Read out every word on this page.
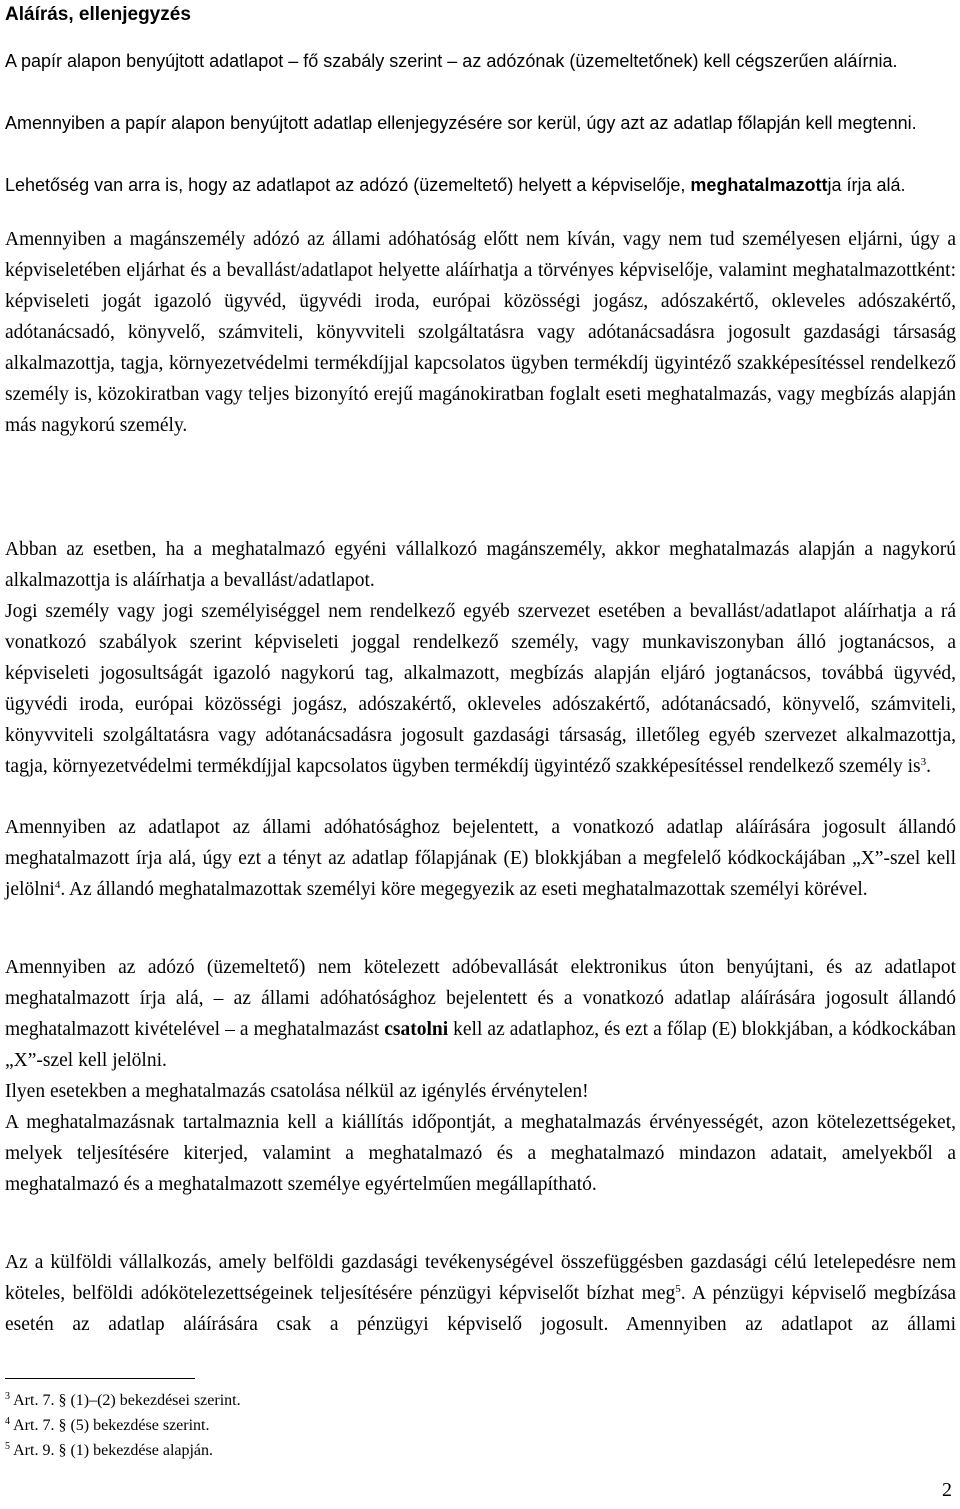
Aláírás, ellenjegyzés

A papír alapon benyújtott adatlapot – fő szabály szerint – az adózónak (üzemeltetőnek) kell cégszerűen aláírnia.

Amennyiben a papír alapon benyújtott adatlap ellenjegyzésére sor kerül, úgy azt az adatlap főlapján kell megtenni.

Lehetőség van arra is, hogy az adatlapot az adózó (üzemeltető) helyett a képviselője, meghatalmazottja írja alá.

Amennyiben a magánszemély adózó az állami adóhatóság előtt nem kíván, vagy nem tud személyesen eljárni, úgy a képviseletében eljárhat és a bevallást/adatlapot helyette aláírhatja a törvényes képviselője, valamint meghatalmazottként: képviseleti jogát igazoló ügyvéd, ügyvédi iroda, európai közösségi jogász, adószakértő, okleveles adószakértő, adótanácsadó, könyvelő, számviteli, könyvviteli szolgáltatásra vagy adótanácsadásra jogosult gazdasági társaság alkalmazottja, tagja, környezetvédelmi termékdíjjal kapcsolatos ügyben termékdíj ügyintéző szakképesítéssel rendelkező személy is, közokiratban vagy teljes bizonyító erejű magánokiratban foglalt eseti meghatalmazás, vagy megbízás alapján más nagykorú személy.

Abban az esetben, ha a meghatalmazó egyéni vállalkozó magánszemély, akkor meghatalmazás alapján a nagykorú alkalmazottja is aláírhatja a bevallást/adatlapot.

Jogi személy vagy jogi személyiséggel nem rendelkező egyéb szervezet esetében a bevallást/adatlapot aláírhatja a rá vonatkozó szabályok szerint képviseleti joggal rendelkező személy, vagy munkaviszonyban álló jogtanácsos, a képviseleti jogosultságát igazoló nagykorú tag, alkalmazott, megbízás alapján eljáró jogtanácsos, továbbá ügyvéd, ügyvédi iroda, európai közösségi jogász, adószakértő, okleveles adószakértő, adótanácsadó, könyvelő, számviteli, könyvviteli szolgáltatásra vagy adótanácsadásra jogosult gazdasági társaság, illetőleg egyéb szervezet alkalmazottja, tagja, környezetvédelmi termékdíjjal kapcsolatos ügyben termékdíj ügyintéző szakképesítéssel rendelkező személy $is^3$.

Amennyiben az adatlapot az állami adóhatósághoz bejelentett, a vonatkozó adatlap aláírására jogosult állandó meghatalmazott írja alá, úgy ezt a tényt az adatlap főlapjának (E) blokkjában a megfelelő kódkockájában „X”-szel kell jelölni$^4$. Az állandó meghatalmazottak személyi köre megegyezik az eseti meghatalmazottak személyi körével.

Amennyiben az adózó (üzemeltető) nem kötelezett adóbevallását elektronikus úton benyújtani, és az adatlapot meghatalmazott írja alá, – az állami adóhatósághoz bejelentett és a vonatkozó adatlap aláírására jogosult állandó meghatalmazott kivételével – a meghatalmazást csatolni kell az adatlaphoz, és ezt a főlap (E) blokkjában, a kódkockában „X”-szel kell jelölni.

Ilyen esetekben a meghatalmazás csatolása nélkül az igénylés érvénytelen!

A meghatalmazásnak tartalmaznia kell a kiállítás időpontját, a meghatalmazás érvényességét, azon kötelezettségeket, melyek teljesítésére kiterjed, valamint a meghatalmazó és a meghatalmazó mindazon adatait, amelyekből a meghatalmazó és a meghatalmazott személye egyértelműen megállapítható.

Az a külföldi vállalkozás, amely belföldi gazdasági tevékenységével összefüggésben gazdasági célú letelepedésre nem köteles, belföldi adókötelezettségeinek teljesítésére pénzügyi képviselőt bízhat meg$^5$. A pénzügyi képviselő megbízása esetén az adatlap aláírására csak a pénzügyi képviselő jogosult. Amennyiben az adatlapot az állami

$^3$ Art. 7. § (1)–(2) bekezdései szerint.
$^4$ Art. 7. § (5) bekezdése szerint.
$^5$ Art. 9. § (1) bekezdése alapján.
2
